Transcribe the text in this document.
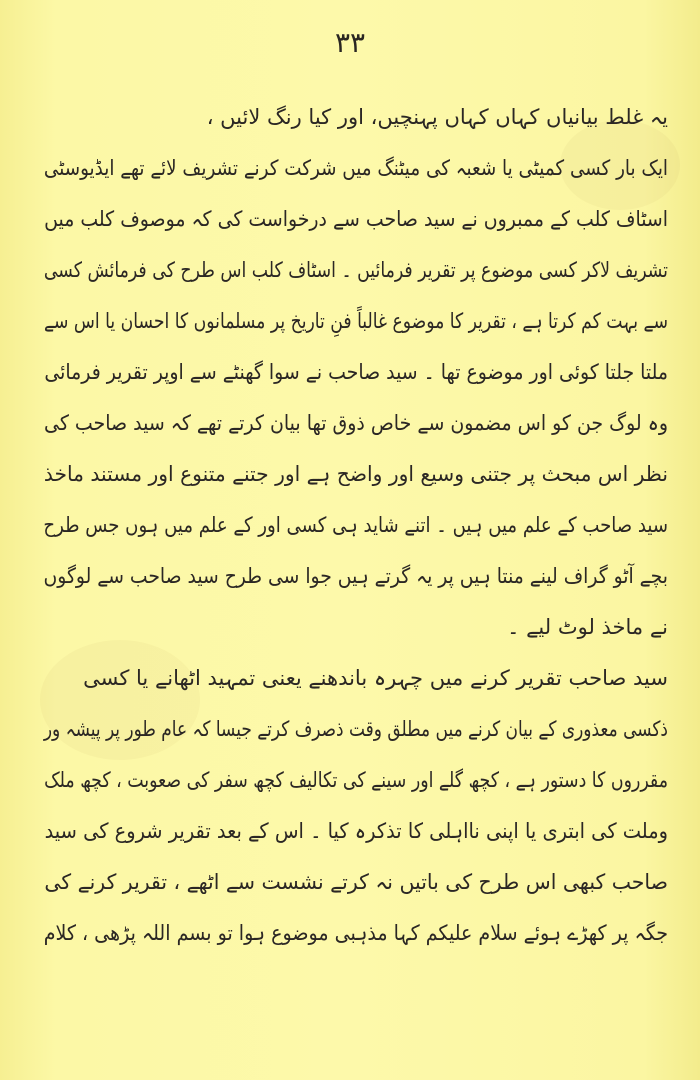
۳۳
یہ غلط بیانیاں کہاں کہاں پہنچیں، اور کیا رنگ لائیں ،
ایک بار کسی کمیٹی یا شعبہ کی میٹنگ میں شرکت کرنے تشریف لائے تھے ایڈیوسٹی
اسٹاف کلب کے ممبروں نے سید صاحب سے درخواست کی کہ موصوف کلب میں
تشریف لاکر کسی موضوع پر تقریر فرمائیں ۔ اسٹاف کلب اس طرح کی فرمائش کسی
سے بہت کم کرتا ہے ، تقریر کا موضوع غالباً فنِ تاریخ پر مسلمانوں کا احسان یا اس سے
ملتا جلتا کوئی اور موضوع تھا ۔ سید صاحب نے سوا گھنٹے سے اوپر تقریر فرمائی
وہ لوگ جن کو اس مضمون سے خاص ذوق تھا بیان کرتے تھے کہ سید صاحب کی
نظر اس مبحث پر جتنی وسیع اور واضح ہے اور جتنے متنوع اور مستند ماخذ
سید صاحب کے علم میں ہیں ۔ اتنے شاید ہی کسی اور کے علم میں ہوں جس طرح
بچے آٹو گراف لینے منتا ہیں پر یہ گرتے ہیں جوا سی طرح سید صاحب سے لوگوں
نے ماخذ لوٹ لیے ۔
سید صاحب تقریر کرنے میں چہرہ باندھنے یعنی تمہید اٹھانے یا کسی
ذکسی معذوری کے بیان کرنے میں مطلق وقت ذصرف کرتے جیسا کہ عام طور پر پیشہ ور
مقرروں کا دستور ہے ، کچھ گلے اور سینے کی تکالیف کچھ سفر کی صعوبت ، کچھ ملک
وملت کی ابتری یا اپنی نااہلی کا تذکرہ کیا ۔ اس کے بعد تقریر شروع کی سید
صاحب کبھی اس طرح کی باتیں نہ کرتے نشست سے اٹھے ، تقریر کرنے کی
جگہ پر کھڑے ہوئے سلام علیکم کہا مذہبی موضوع ہوا تو بسم اللہ پڑھی ، کلام
